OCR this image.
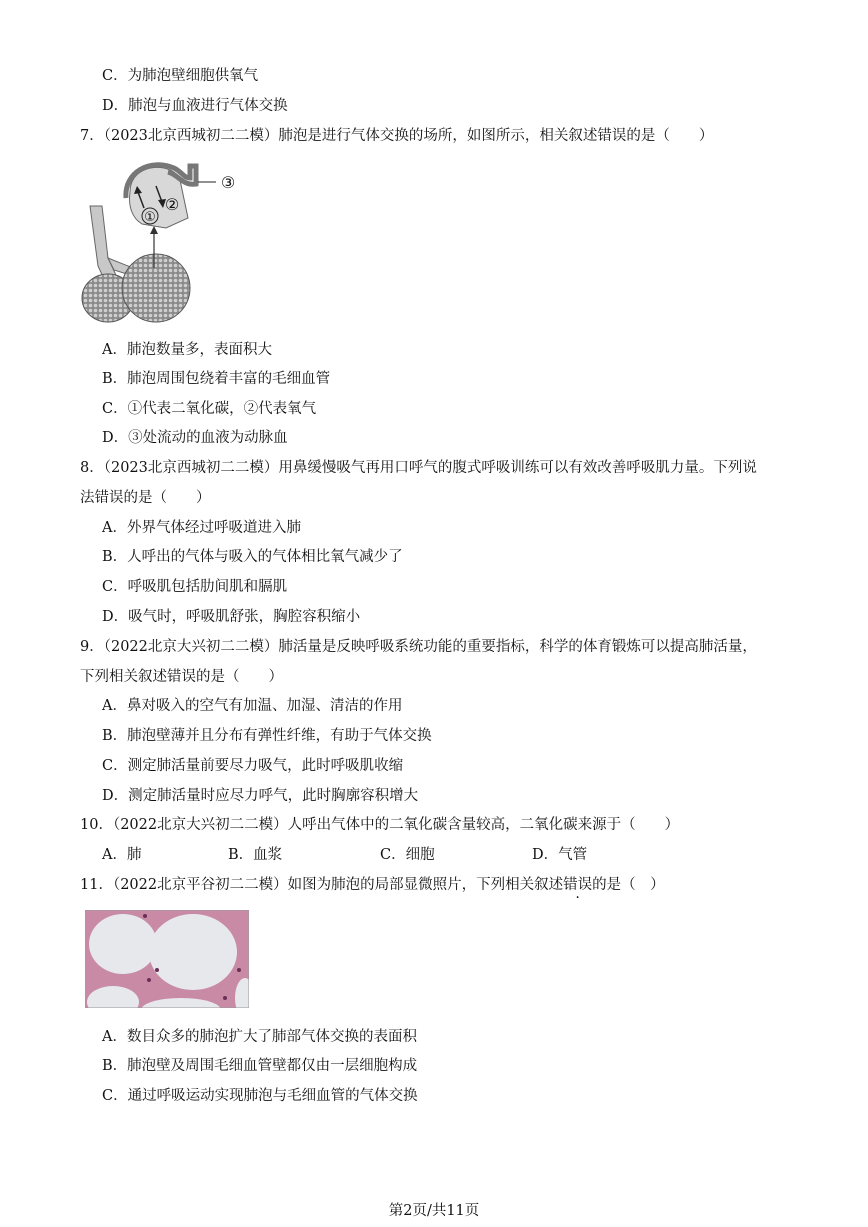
C．为肺泡壁细胞供氧气
D．肺泡与血液进行气体交换
7．（2023北京西城初二二模）肺泡是进行气体交换的场所，如图所示，相关叙述错误的是（　　）
①
②
③
A．肺泡数量多，表面积大
B．肺泡周围包绕着丰富的毛细血管
C．①代表二氧化碳，②代表氧气
D．③处流动的血液为动脉血
8．（2023北京西城初二二模）用鼻缓慢吸气再用口呼气的腹式呼吸训练可以有效改善呼吸肌力量。下列说
法错误的是（　　）
A．外界气体经过呼吸道进入肺
B．人呼出的气体与吸入的气体相比氧气减少了
C．呼吸肌包括肋间肌和膈肌
D．吸气时，呼吸肌舒张，胸腔容积缩小
9．（2022北京大兴初二二模）肺活量是反映呼吸系统功能的重要指标，科学的体育锻炼可以提高肺活量，
下列相关叙述错误的是（　　）
A．鼻对吸入的空气有加温、加湿、清洁的作用
B．肺泡壁薄并且分布有弹性纤维，有助于气体交换
C．测定肺活量前要尽力吸气，此时呼吸肌收缩
D．测定肺活量时应尽力呼气，此时胸廓容积增大
10．（2022北京大兴初二二模）人呼出气体中的二氧化碳含量较高，二氧化碳来源于（　　）
A．肺	B．血浆	C．细胞	D．气管
11．（2022北京平谷初二二模）如图为肺泡的局部显微照片，下列相关叙述错误的是（　）
A．数目众多的肺泡扩大了肺部气体交换的表面积
B．肺泡壁及周围毛细血管壁都仅由一层细胞构成
C．通过呼吸运动实现肺泡与毛细血管的气体交换
第2页/共11页
